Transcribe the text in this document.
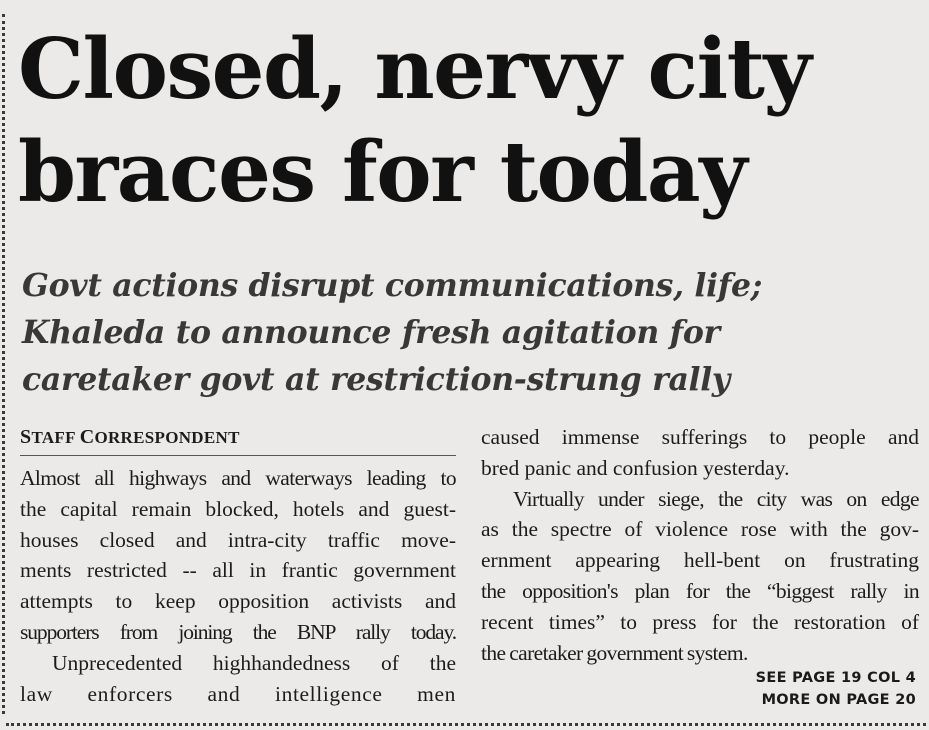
Closed, nervy city
braces for today
Govt actions disrupt communications, life;
Khaleda to announce fresh agitation for
caretaker govt at restriction-strung rally
STAFF CORRESPONDENT
Almost all highways and waterways leading to
the capital remain blocked, hotels and guest-
houses closed and intra-city traffic move-
ments restricted -- all in frantic government
attempts to keep opposition activists and
supporters from joining the BNP rally today.
Unprecedented highhandedness of the
law enforcers and intelligence men
caused immense sufferings to people and
bred panic and confusion yesterday.
Virtually under siege, the city was on edge
as the spectre of violence rose with the gov-
ernment appearing hell-bent on frustrating
the opposition's plan for the “biggest rally in
recent times” to press for the restoration of
the caretaker government system.
SEE PAGE 19 COL 4
MORE ON PAGE 20
